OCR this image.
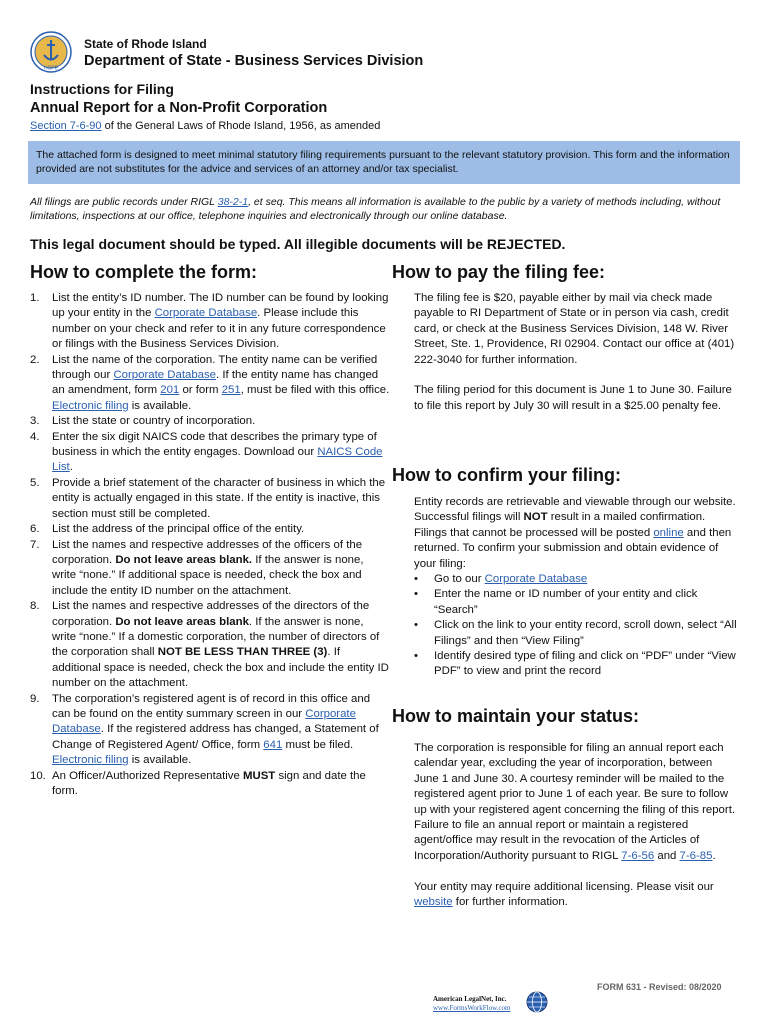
HOPE
State of Rhode Island
Department of State - Business Services Division
Instructions for Filing
Annual Report for a Non-Profit Corporation
Section 7-6-90 of the General Laws of Rhode Island, 1956, as amended
The attached form is designed to meet minimal statutory filing requirements pursuant to the relevant statutory provision. This form and the information provided are not substitutes for the advice and services of an attorney and/or tax specialist.
All filings are public records under RIGL 38-2-1, et seq. This means all information is available to the public by a variety of methods including, without limitations, inspections at our office, telephone inquiries and electronically through our online database.
This legal document should be typed. All illegible documents will be REJECTED.
How to complete the form:
1. List the entity’s ID number. The ID number can be found by looking up your entity in the Corporate Database. Please include this number on your check and refer to it in any future correspondence or filings with the Business Services Division.
2. List the name of the corporation. The entity name can be verified through our Corporate Database. If the entity name has changed an amendment, form 201 or form 251, must be filed with this office. Electronic filing is available.
3. List the state or country of incorporation.
4. Enter the six digit NAICS code that describes the primary type of business in which the entity engages. Download our NAICS Code List.
5. Provide a brief statement of the character of business in which the entity is actually engaged in this state. If the entity is inactive, this section must still be completed.
6. List the address of the principal office of the entity.
7. List the names and respective addresses of the officers of the corporation. Do not leave areas blank. If the answer is none, write “none.” If additional space is needed, check the box and include the entity ID number on the attachment.
8. List the names and respective addresses of the directors of the corporation. Do not leave areas blank. If the answer is none, write “none.” If a domestic corporation, the number of directors of the corporation shall NOT BE LESS THAN THREE (3). If additional space is needed, check the box and include the entity ID number on the attachment.
9. The corporation’s registered agent is of record in this office and can be found on the entity summary screen in our Corporate Database. If the registered address has changed, a Statement of Change of Registered Agent/ Office, form 641 must be filed. Electronic filing is available.
10. An Officer/Authorized Representative MUST sign and date the form.
How to pay the filing fee:

The filing fee is $20, payable either by mail via check made payable to RI Department of State or in person via cash, credit card, or check at the Business Services Division, 148 W. River Street, Ste. 1, Providence, RI 02904. Contact our office at (401) 222-3040 for further information.

The filing period for this document is June 1 to June 30. Failure to file this report by July 30 will result in a $25.00 penalty fee.

How to confirm your filing:

Entity records are retrievable and viewable through our website. Successful filings will NOT result in a mailed confirmation. Filings that cannot be processed will be posted online and then returned. To confirm your submission and obtain evidence of your filing:

• Go to our Corporate Database
• Enter the name or ID number of your entity and click “Search”
• Click on the link to your entity record, scroll down, select “All Filings” and then “View Filing”
• Identify desired type of filing and click on “PDF” under “View PDF” to view and print the record
How to maintain your status:

The corporation is responsible for filing an annual report each calendar year, excluding the year of incorporation, between June 1 and June 30. A courtesy reminder will be mailed to the registered agent prior to June 1 of each year. Be sure to follow up with your registered agent concerning the filing of this report. Failure to file an annual report or maintain a registered agent/office may result in the revocation of the Articles of Incorporation/Authority pursuant to RIGL 7-6-56 and 7-6-85.

Your entity may require additional licensing. Please visit our website for further information.

FORM 631 - Revised: 08/2020
American LegalNet, Inc.
www.FormsWorkFlow.com
